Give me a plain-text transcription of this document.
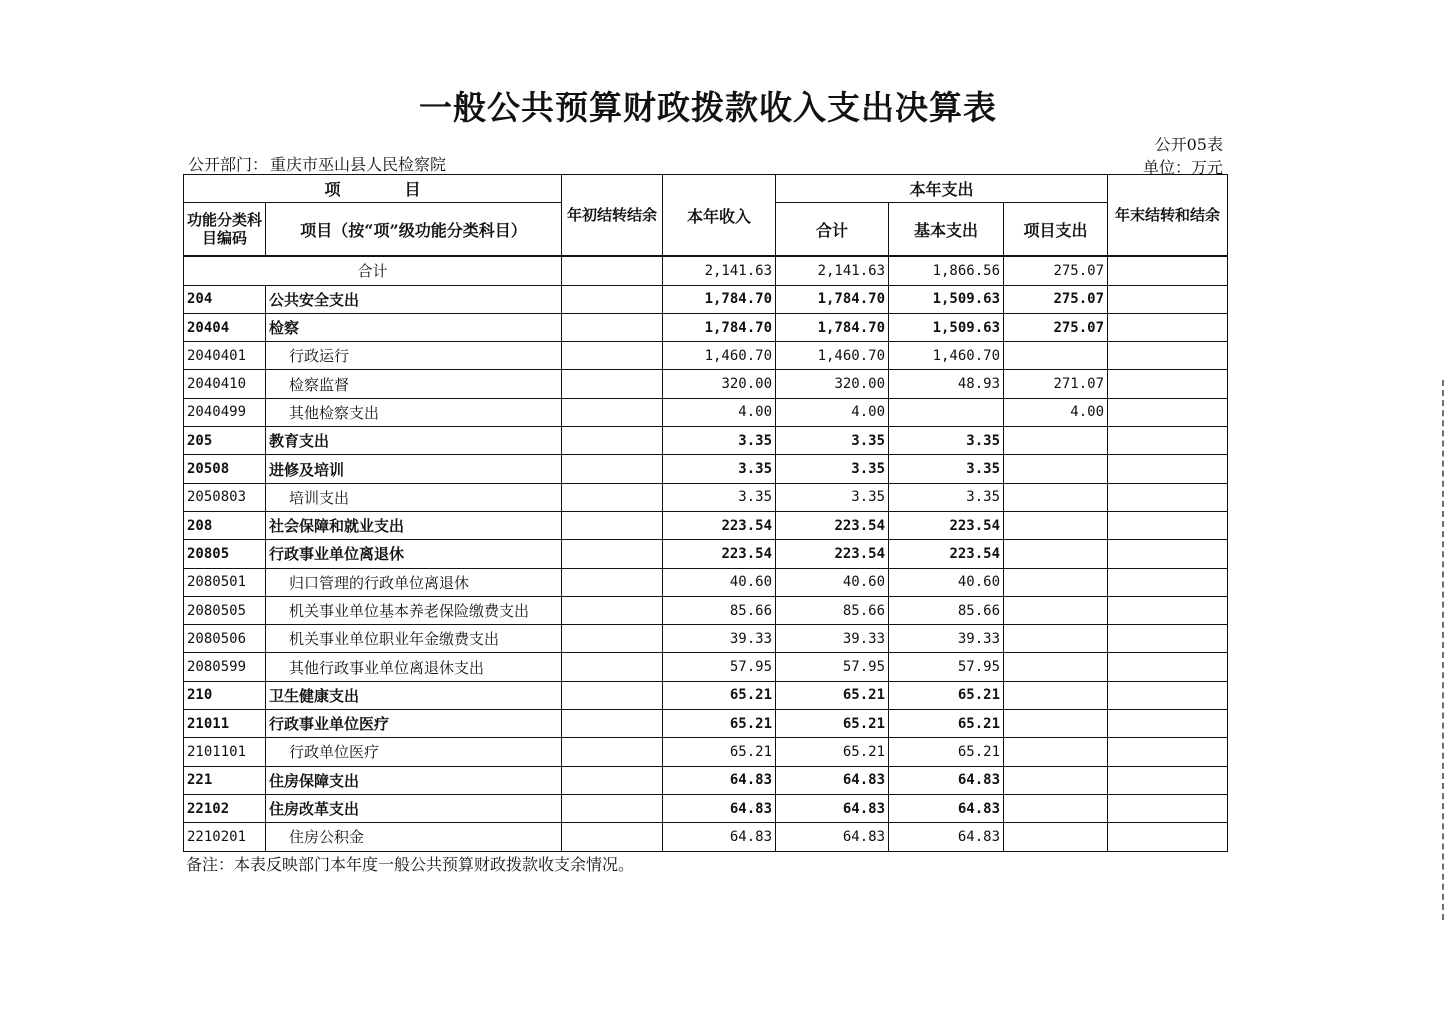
一般公共预算财政拨款收入支出决算表
公开05表
单位：万元
公开部门： 重庆市巫山县人民检察院
项　　　　目		年初结转结余	本年收入	本年支出			年末结转和结余
功能分类科目编码	项目（按“项”级功能分类科目）			合计	基本支出	项目支出	
合计			2,141.63	2,141.63	1,866.56	275.07	
204	公共安全支出		1,784.70	1,784.70	1,509.63	275.07	
20404	检察		1,784.70	1,784.70	1,509.63	275.07	
2040401	行政运行		1,460.70	1,460.70	1,460.70		
2040410	检察监督		320.00	320.00	48.93	271.07	
2040499	其他检察支出		4.00	4.00		4.00	
205	教育支出		3.35	3.35	3.35		
20508	进修及培训		3.35	3.35	3.35		
2050803	培训支出		3.35	3.35	3.35		
208	社会保障和就业支出		223.54	223.54	223.54		
20805	行政事业单位离退休		223.54	223.54	223.54		
2080501	归口管理的行政单位离退休		40.60	40.60	40.60		
2080505	机关事业单位基本养老保险缴费支出		85.66	85.66	85.66		
2080506	机关事业单位职业年金缴费支出		39.33	39.33	39.33		
2080599	其他行政事业单位离退休支出		57.95	57.95	57.95		
210	卫生健康支出		65.21	65.21	65.21		
21011	行政事业单位医疗		65.21	65.21	65.21		
2101101	行政单位医疗		65.21	65.21	65.21		
221	住房保障支出		64.83	64.83	64.83		
22102	住房改革支出		64.83	64.83	64.83		
2210201	住房公积金		64.83	64.83	64.83		
备注：本表反映部门本年度一般公共预算财政拨款收支余情况。
